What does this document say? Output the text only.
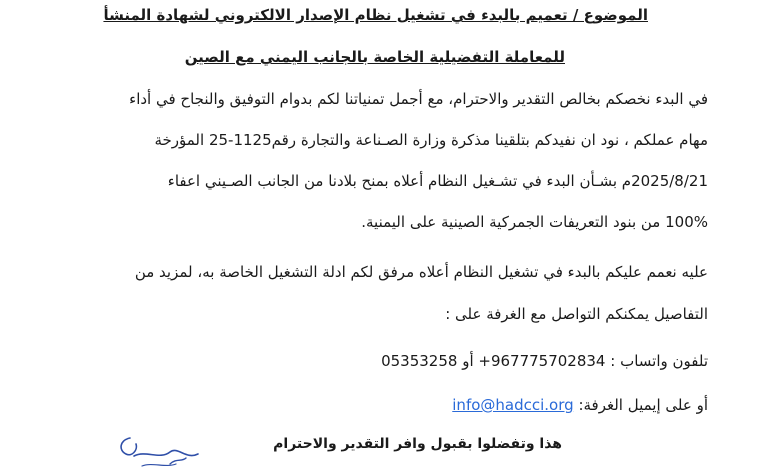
الموضوع / تعميم بالبدء في تشغيل نظام الإصدار الالكتروني لشهادة المنشأ
للمعاملة التفضيلية الخاصة بالجانب اليمني مع الصين
في البدء نخصكم بخالص التقدير والاحترام، مع أجمل تمنياتنا لكم بدوام التوفيق والنجاح في أداء
مهام عملكم ، نود ان نفيدكم بتلقينا مذكرة وزارة الصـناعة والتجارة رقم1125-25 المؤرخة
2025/8/21م بشـأن البدء في تشـغيل النظام أعلاه بمنح بلادنا من الجانب الصـيني اعفاء
100% من بنود التعريفات الجمركية الصينية على اليمنية.
عليه نعمم عليكم بالبدء في تشغيل النظام أعلاه مرفق لكم ادلة التشغيل الخاصة به، لمزيد من
التفاصيل يمكنكم التواصل مع الغرفة على :
تلفون واتساب : 967775702834+ أو 05353258
أو على إيميل الغرفة: info@hadcci.org
هذا وتفضلوا بقبول وافر التقدير والاحترام
